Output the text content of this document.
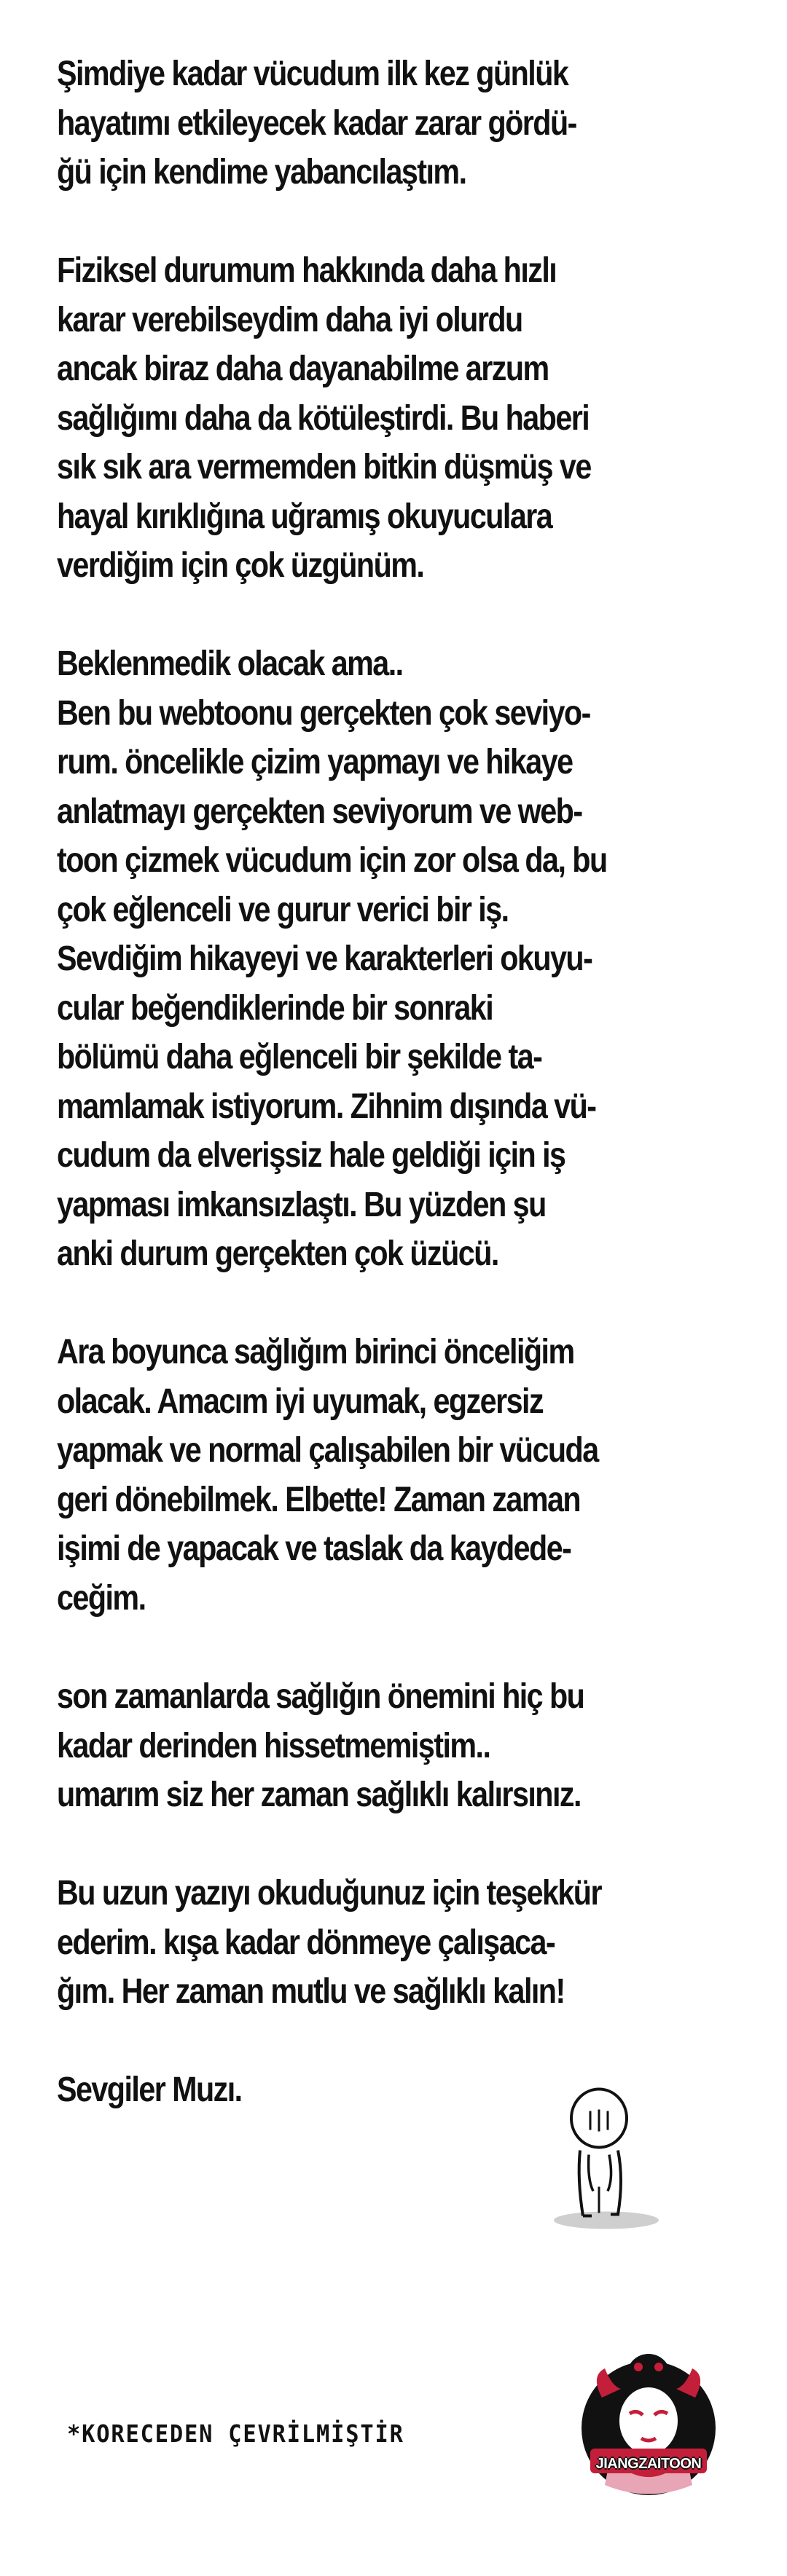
Şimdiye kadar vücudum ilk kez günlük
hayatımı etkileyecek kadar zarar gördü-
ğü için kendime yabancılaştım.
Fiziksel durumum hakkında daha hızlı
karar verebilseydim daha iyi olurdu
ancak biraz daha dayanabilme arzum
sağlığımı daha da kötüleştirdi. Bu haberi
sık sık ara vermemden bitkin düşmüş ve
hayal kırıklığına uğramış okuyuculara
verdiğim için çok üzgünüm.
Beklenmedik olacak ama..
Ben bu webtoonu gerçekten çok seviyo-
rum. öncelikle çizim yapmayı ve hikaye
anlatmayı gerçekten seviyorum ve web-
toon çizmek vücudum için zor olsa da, bu
çok eğlenceli ve gurur verici bir iş.
Sevdiğim hikayeyi ve karakterleri okuyu-
cular beğendiklerinde bir sonraki
bölümü daha eğlenceli bir şekilde ta-
mamlamak istiyorum. Zihnim dışında vü-
cudum da elverişsiz hale geldiği için iş
yapması imkansızlaştı. Bu yüzden şu
anki durum gerçekten çok üzücü.
Ara boyunca sağlığım birinci önceliğim
olacak. Amacım iyi uyumak, egzersiz
yapmak ve normal çalışabilen bir vücuda
geri dönebilmek. Elbette! Zaman zaman
işimi de yapacak ve taslak da kaydede-
ceğim.
son zamanlarda sağlığın önemini hiç bu
kadar derinden hissetmemiştim..
umarım siz her zaman sağlıklı kalırsınız.
Bu uzun yazıyı okuduğunuz için teşekkür
ederim. kışa kadar dönmeye çalışaca-
ğım. Her zaman mutlu ve sağlıklı kalın!
Sevgiler Muzı.
*KORECEDEN ÇEVRİLMİŞTİR
JIANGZAITOON
